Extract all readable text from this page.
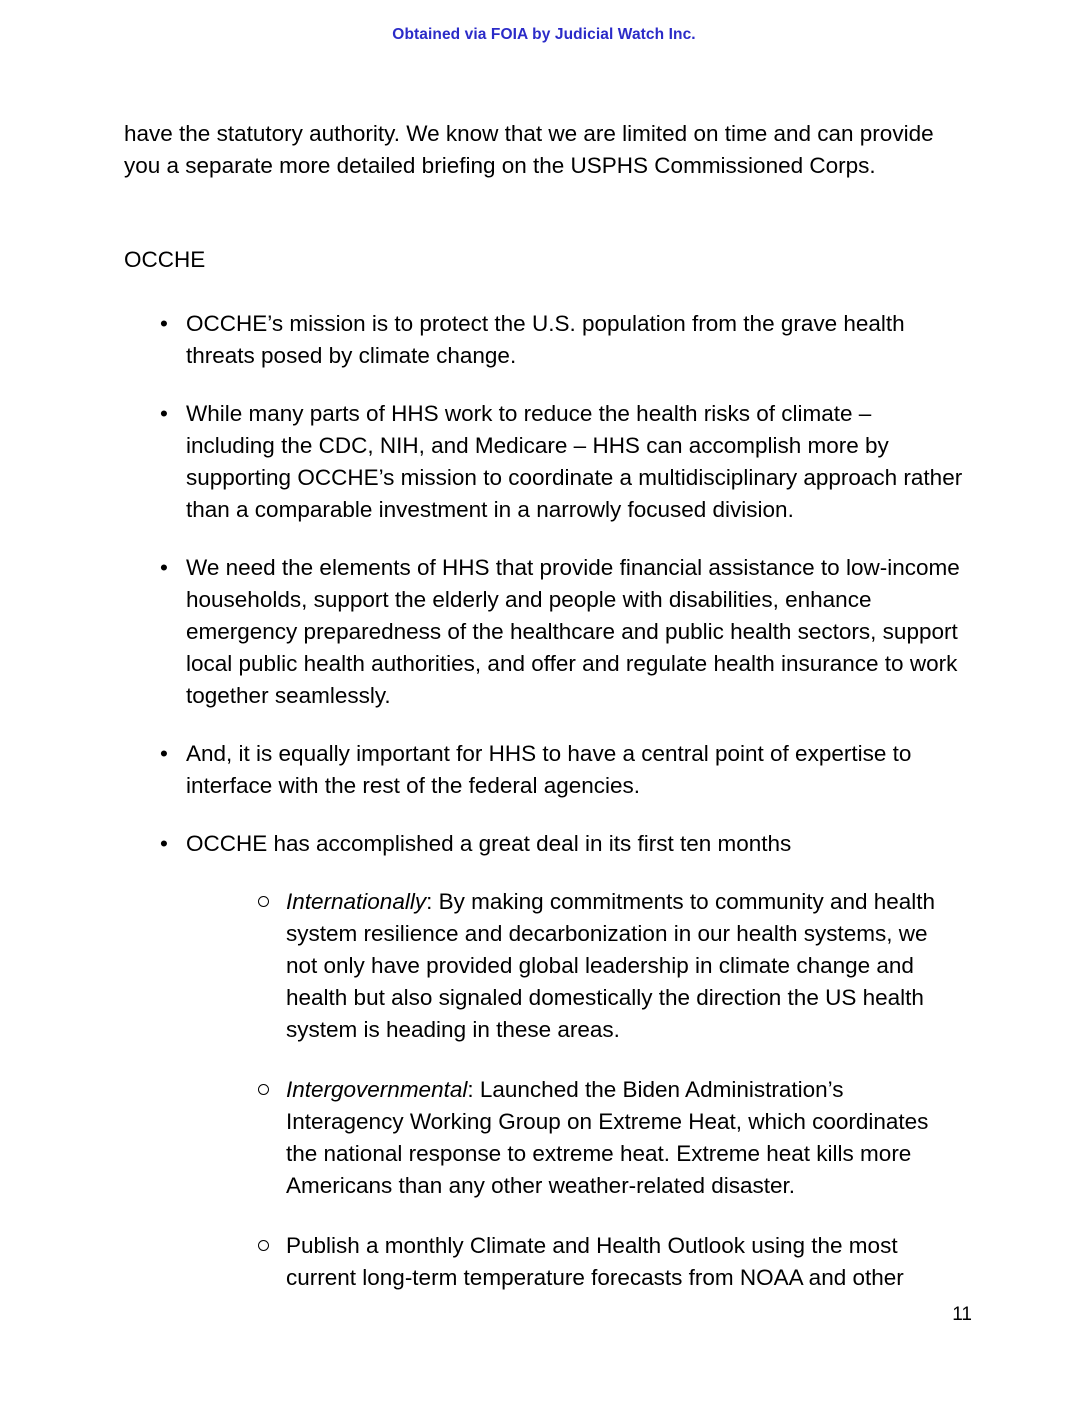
Obtained via FOIA by Judicial Watch Inc.

have the statutory authority. We know that we are limited on time and can provide you a separate more detailed briefing on the USPHS Commissioned Corps.

OCCHE

• OCCHE’s mission is to protect the U.S. population from the grave health threats posed by climate change.
• While many parts of HHS work to reduce the health risks of climate – including the CDC, NIH, and Medicare – HHS can accomplish more by supporting OCCHE’s mission to coordinate a multidisciplinary approach rather than a comparable investment in a narrowly focused division.
• We need the elements of HHS that provide financial assistance to low-income households, support the elderly and people with disabilities, enhance emergency preparedness of the healthcare and public health sectors, support local public health authorities, and offer and regulate health insurance to work together seamlessly.
• And, it is equally important for HHS to have a central point of expertise to interface with the rest of the federal agencies.
• OCCHE has accomplished a great deal in its first ten months
Internationally: By making commitments to community and health system resilience and decarbonization in our health systems, we not only have provided global leadership in climate change and health but also signaled domestically the direction the US health system is heading in these areas.
Intergovernmental: Launched the Biden Administration’s Interagency Working Group on Extreme Heat, which coordinates the national response to extreme heat. Extreme heat kills more Americans than any other weather-related disaster.
Publish a monthly Climate and Health Outlook using the most current long-term temperature forecasts from NOAA and other
11
